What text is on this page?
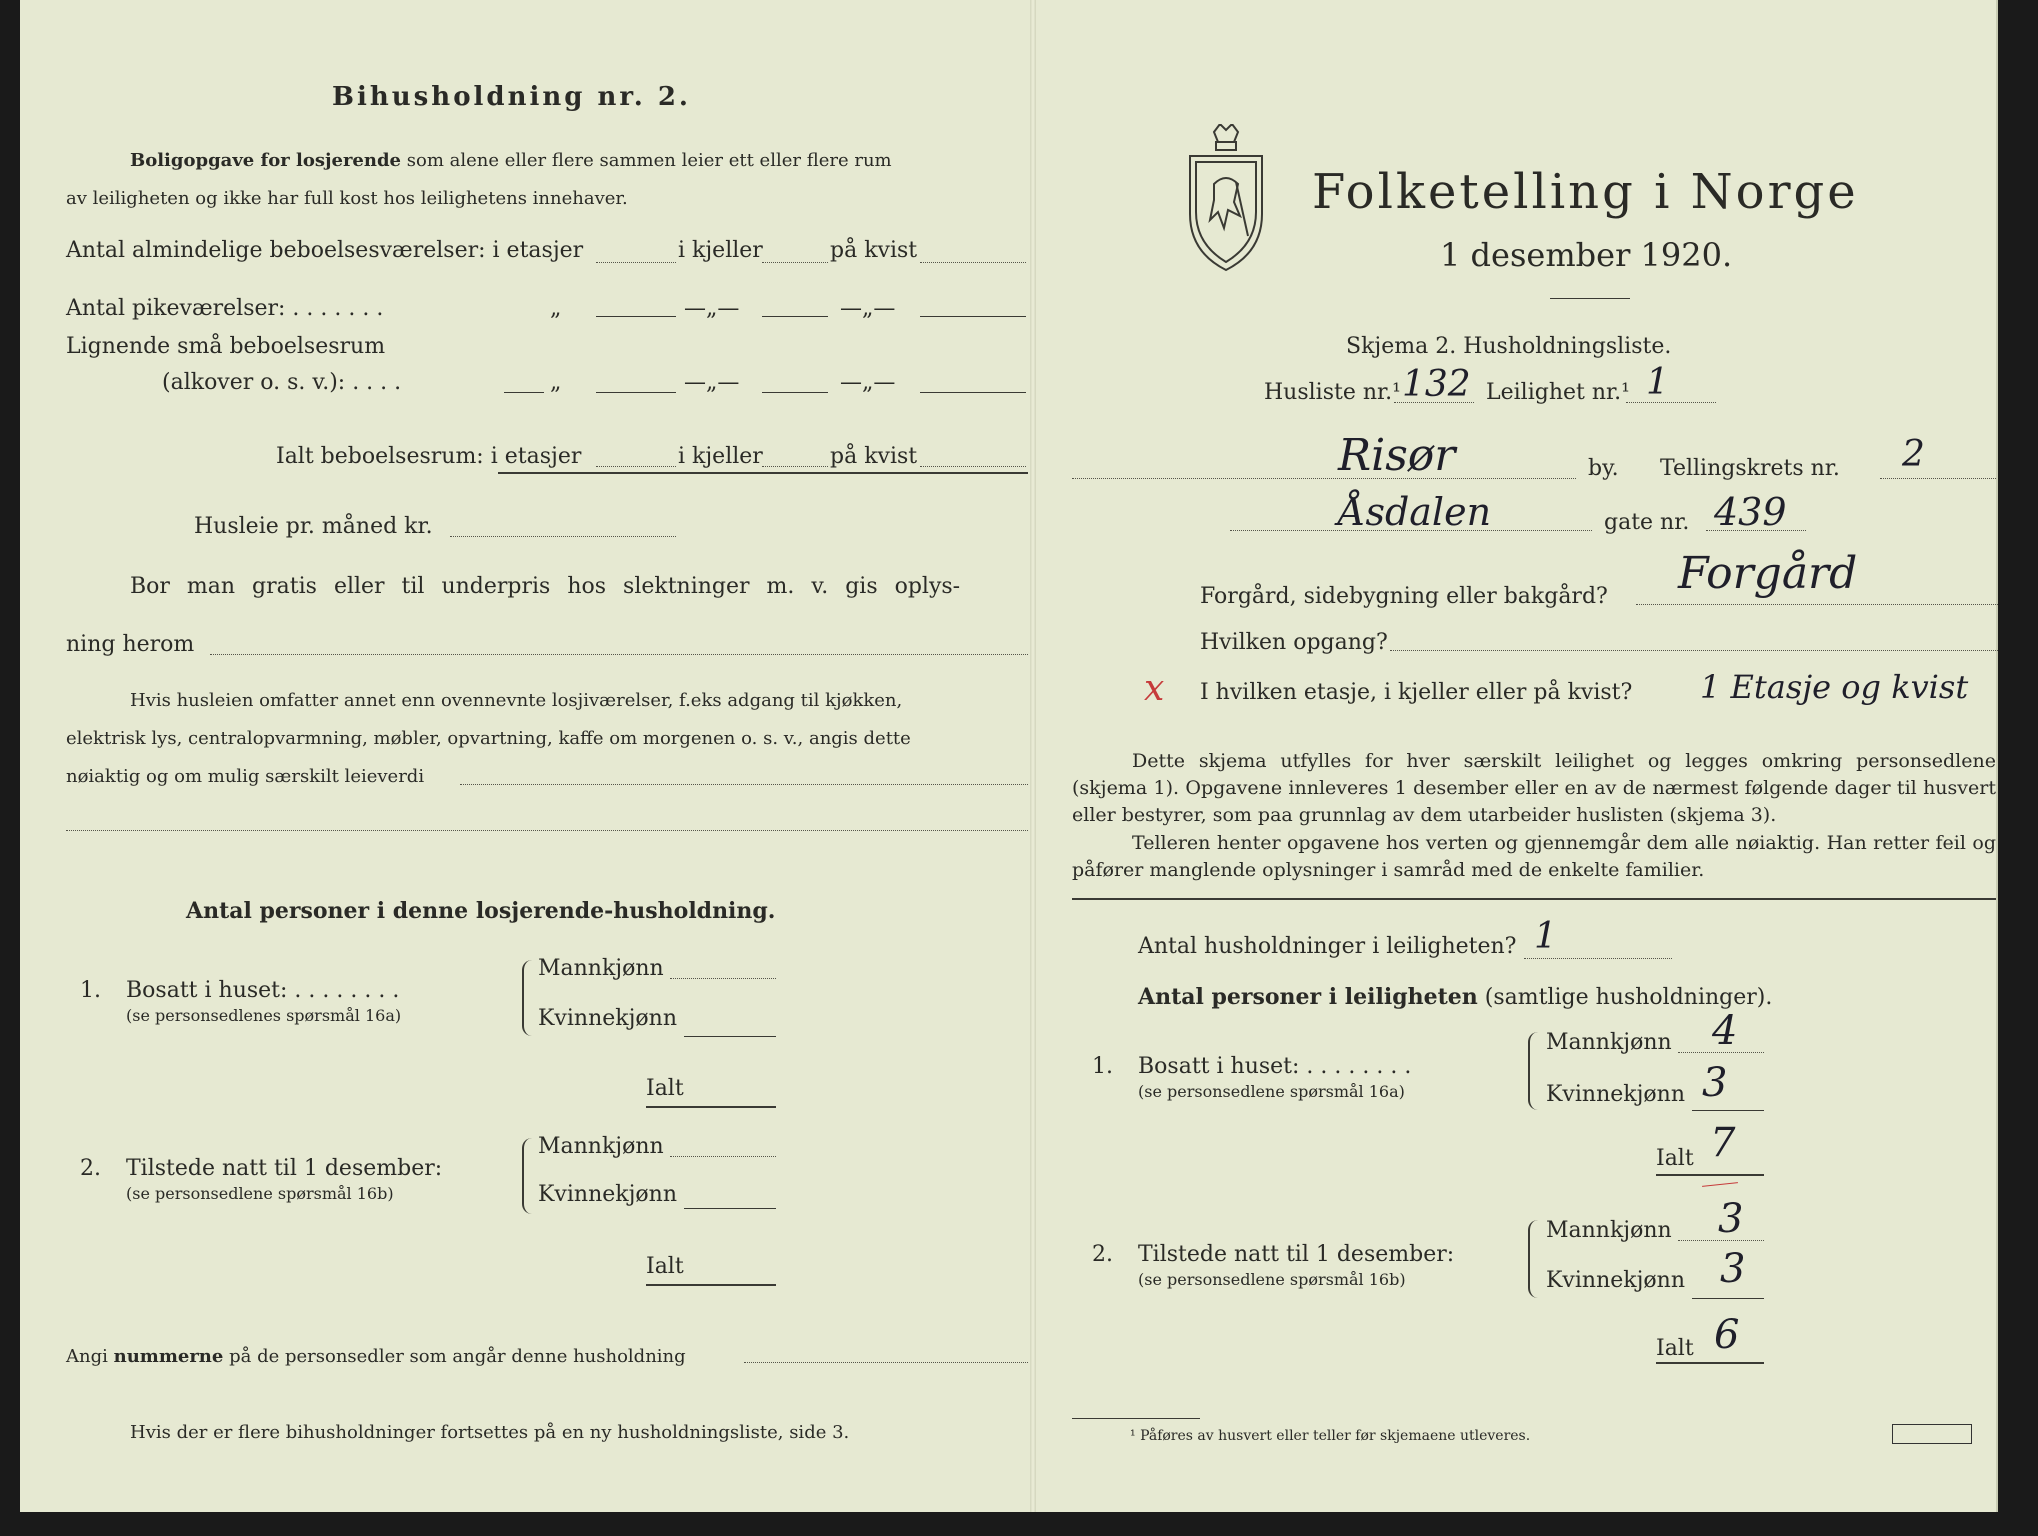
Bihusholdning nr. 2.
Boligopgave for losjerende som alene eller flere sammen leier ett eller flere rum
av leiligheten og ikke har full kost hos leilighetens innehaver.
Antal almindelige beboelsesværelser: i etasjer	i kjeller	på kvist
Antal pikeværelser: . . . . . . .	„	—„—	—„—
Lignende små beboelsesrum
(alkover o. s. v.): . . . .	„	—„—	—„—
Ialt beboelsesrum: i etasjer	i kjeller	på kvist
Husleie pr. måned kr.
Bor man gratis eller til underpris hos slektninger m. v. gis oplys-
ning herom
Hvis husleien omfatter annet enn ovennevnte losjiværelser, f.eks adgang til kjøkken,
elektrisk lys, centralopvarmning, møbler, opvartning, kaffe om morgenen o. s. v., angis dette
nøiaktig og om mulig særskilt leieverdi
Antal personer i denne losjerende-husholdning.
1. Bosatt i huset: . . . . . . . .
(se personsedlenes spørsmål 16a)
Mannkjønn
Kvinnekjønn
Ialt
2. Tilstede natt til 1 desember:
(se personsedlene spørsmål 16b)
Mannkjønn
Kvinnekjønn
Ialt
Angi nummerne på de personsedler som angår denne husholdning
Hvis der er flere bihusholdninger fortsettes på en ny husholdningsliste, side 3.
Folketelling i Norge
1 desember 1920.
Skjema 2. Husholdningsliste.
Husliste nr.¹ 132 Leilighet nr.¹ 1
Risør	by. Tellingskrets nr. 2
Åsdalen	gate nr. 439
Forgård, sidebygning eller bakgård? Forgård
Hvilken opgang?
x I hvilken etasje, i kjeller eller på kvist? 1 Etasje og kvist
Dette skjema utfylles for hver særskilt leilighet og legges omkring personsedlene (skjema 1). Opgavene innleveres 1 desember eller en av de nærmest følgende dager til husvert eller bestyrer, som paa grunnlag av dem utarbeider huslisten (skjema 3).
Telleren henter opgavene hos verten og gjennemgår dem alle nøiaktig. Han retter feil og påfører manglende oplysninger i samråd med de enkelte familier.
Antal husholdninger i leiligheten? 1
Antal personer i leiligheten (samtlige husholdninger).
1. Bosatt i huset: . . . . . . . .
(se personsedlene spørsmål 16a)
Mannkjønn 4
Kvinnekjønn 3
Ialt 7
2. Tilstede natt til 1 desember:
(se personsedlene spørsmål 16b)
Mannkjønn 3
Kvinnekjønn 3
Ialt 6
¹ Påføres av husvert eller teller før skjemaene utleveres.
